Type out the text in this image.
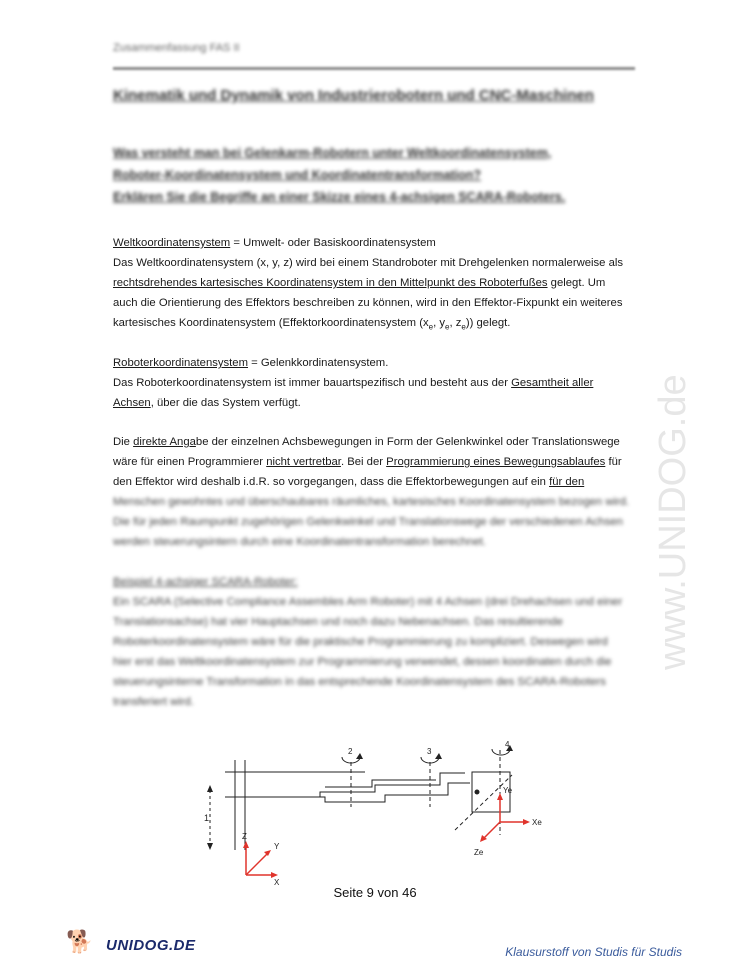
Zusammenfassung FAS II
Kinematik und Dynamik von Industrierobotern und CNC-Maschinen
Was versteht man bei Gelenkarm-Robotern unter Weltkoordinatensystem,
Roboter-Koordinatensystem und Koordinatentransformation?
Erklären Sie die Begriffe an einer Skizze eines 4-achsigen SCARA-Roboters.
Weltkoordinatensystem = Umwelt- oder Basiskoordinatensystem
Das Weltkoordinatensystem (x, y, z) wird bei einem Standroboter mit Drehgelenken normalerweise als
rechtsdrehendes kartesisches Koordinatensystem in den Mittelpunkt des Roboterfußes gelegt. Um
auch die Orientierung des Effektors beschreiben zu können, wird in den Effektor-Fixpunkt ein weiteres
kartesisches Koordinatensystem (Effektorkoordinatensystem ($x_e$, $y_e$, $z_e$)) gelegt.
Roboterkoordinatensystem = Gelenkkordinatensystem.
Das Roboterkoordinatensystem ist immer bauartspezifisch und besteht aus der Gesamtheit aller
Achsen, über die das System verfügt.
Die direkte Angabe der einzelnen Achsbewegungen in Form der Gelenkwinkel oder Translationswege
wäre für einen Programmierer nicht vertretbar. Bei der Programmierung eines Bewegungsablaufes für
den Effektor wird deshalb i.d.R. so vorgegangen, dass die Effektorbewegungen auf ein für den
Menschen gewohntes und überschaubares räumliches, kartesisches Koordinatensystem bezogen wird.
Die für jeden Raumpunkt zugehörigen Gelenkwinkel und Translationswege der verschiedenen Achsen
werden steuerungsintern durch eine Koordinatentransformation berechnet.
Beispiel 4-achsiger SCARA-Roboter:
Ein SCARA (Selective Compliance Assembles Arm Roboter) mit 4 Achsen (drei Drehachsen und einer
Translationsachse) hat vier Hauptachsen und noch dazu Nebenachsen. Das resultierende
Roboterkoordinatensystem wäre für die praktische Programmierung zu kompliziert. Deswegen wird
hier erst das Weltkoordinatensystem zur Programmierung verwendet, dessen koordinaten durch die
steuerungsinterne Transformation in das entsprechende Koordinatensystem des SCARA-Roboters
transferiert wird.
www.UNIDOG.de
1
2	3
4
Z
Y
X
Ye
Xe
Ze
Seite 9 von 46
🐕 UNIDOG.DE	Klausurstoff von Studis für Studis
